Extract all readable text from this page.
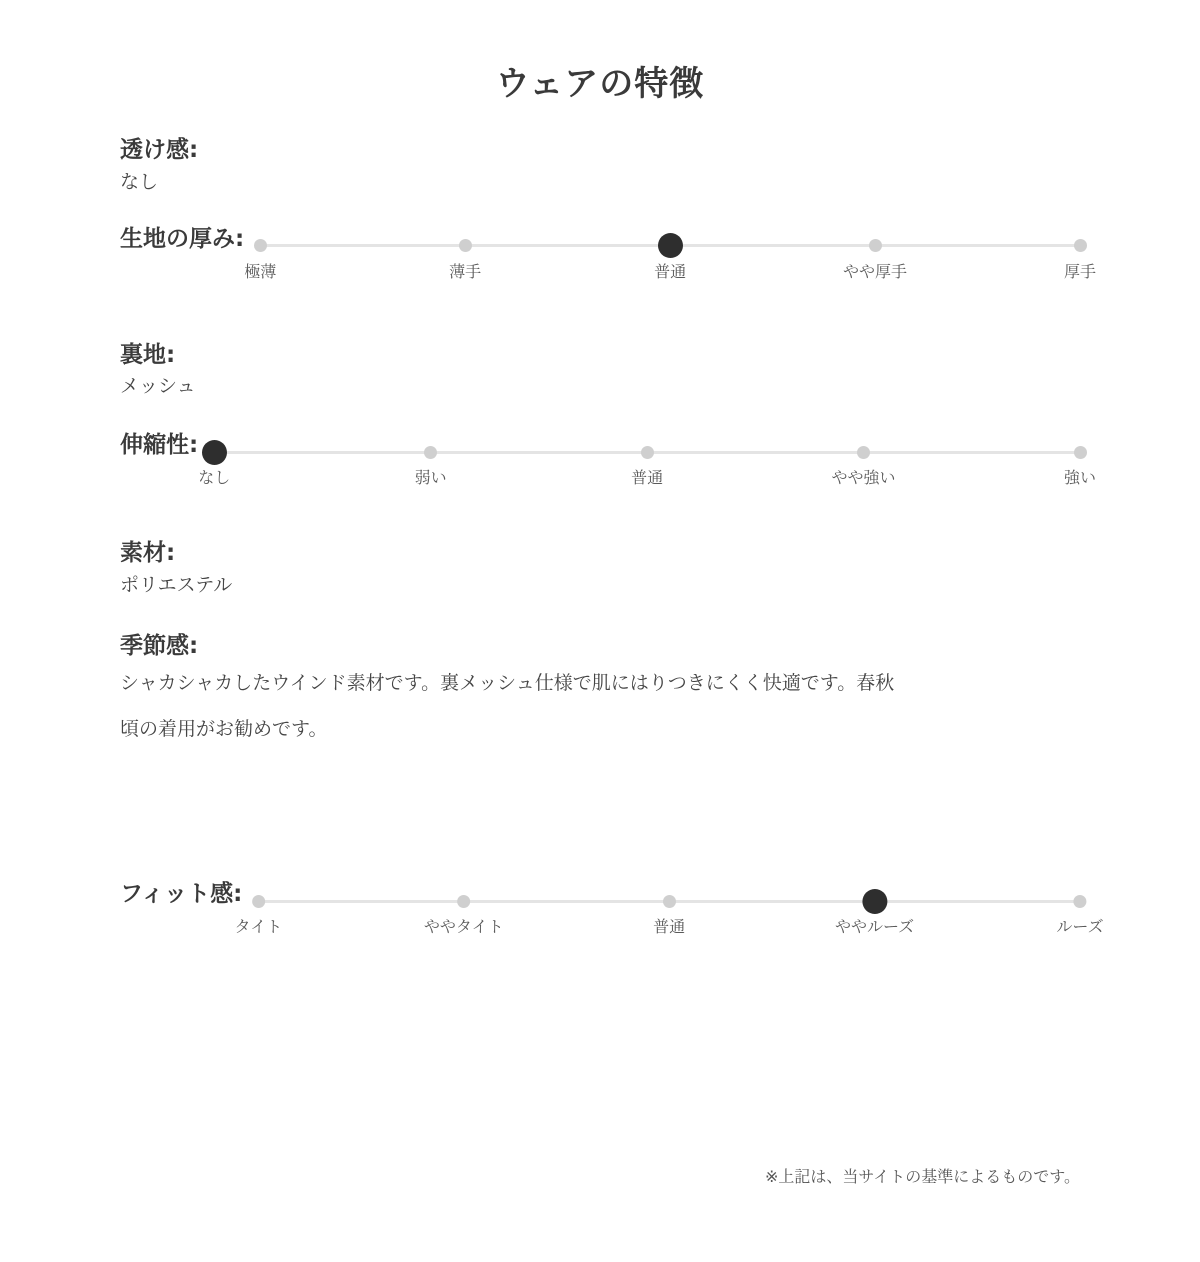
ウェアの特徴
透け感:

なし

生地の厚み:
極薄	薄手	普通	やや厚手	厚手
裏地:

メッシュ

伸縮性:
なし	弱い	普通	やや強い	強い
素材:

ポリエステル

季節感:

シャカシャカしたウインド素材です。裏メッシュ仕様で肌にはりつきにくく快適です。春秋頃の着用がお勧めです。

フィット感:
タイト	ややタイト	普通	ややルーズ	ルーズ

※上記は、当サイトの基準によるものです。
